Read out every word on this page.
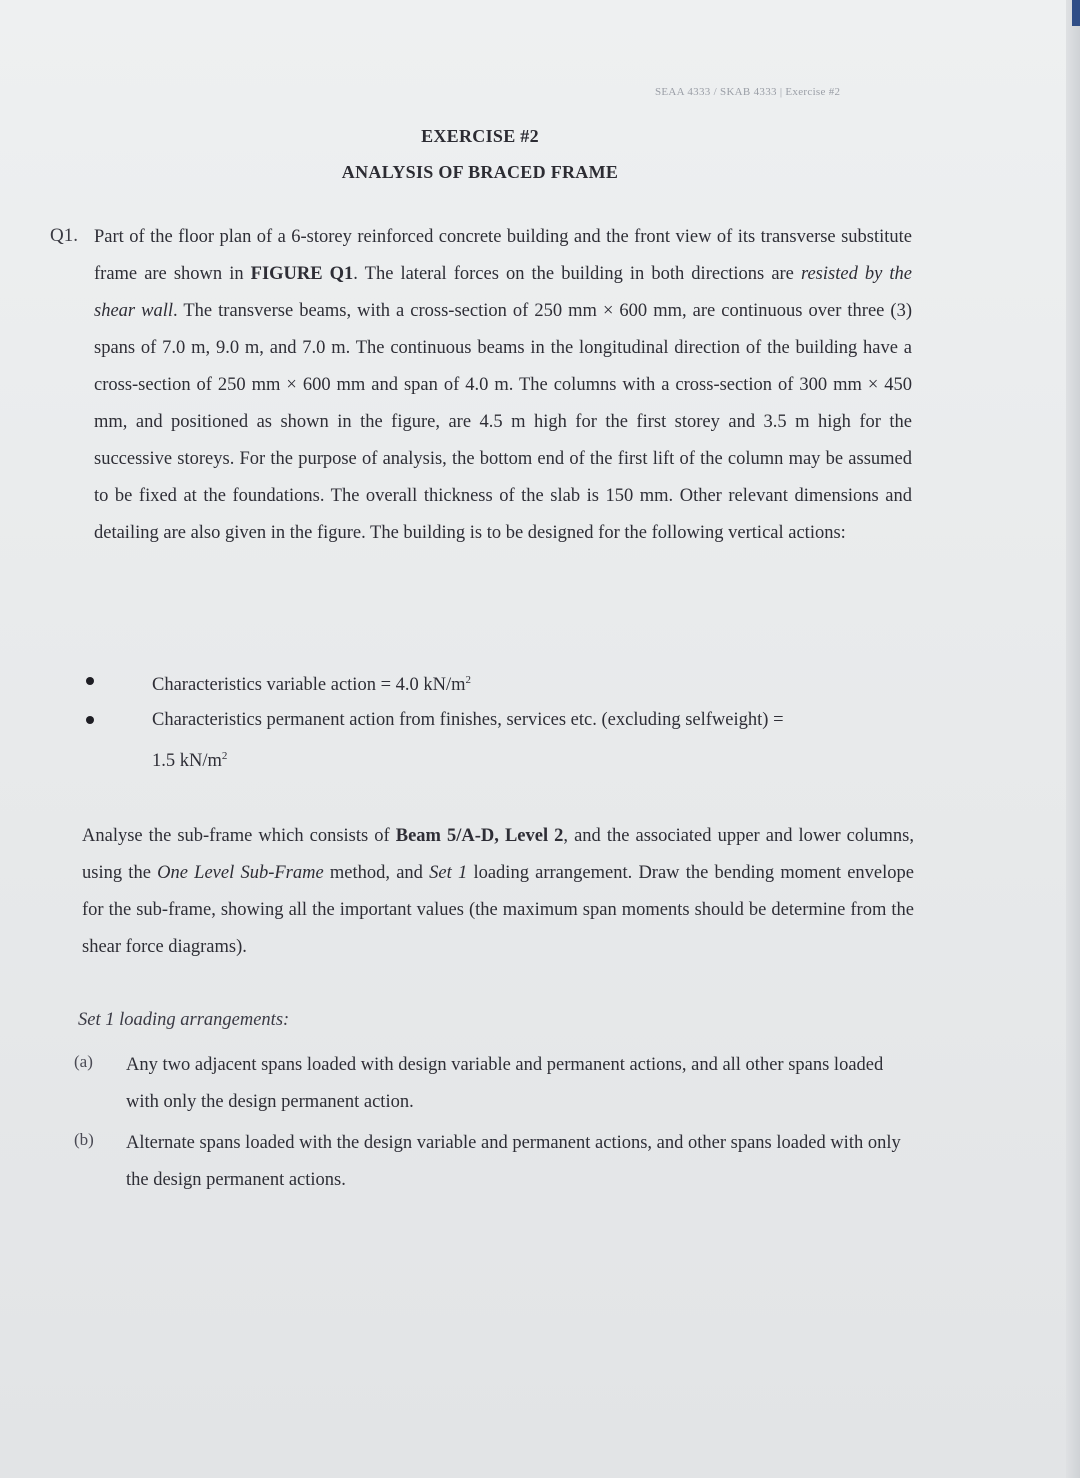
SEAA 4333 / SKAB 4333 | Exercise #2
EXERCISE #2
ANALYSIS OF BRACED FRAME
Q1. Part of the floor plan of a 6-storey reinforced concrete building and the front view of its transverse substitute frame are shown in FIGURE Q1. The lateral forces on the building in both directions are resisted by the shear wall. The transverse beams, with a cross-section of 250 mm × 600 mm, are continuous over three (3) spans of 7.0 m, 9.0 m, and 7.0 m. The continuous beams in the longitudinal direction of the building have a cross-section of 250 mm × 600 mm and span of 4.0 m. The columns with a cross-section of 300 mm × 450 mm, and positioned as shown in the figure, are 4.5 m high for the first storey and 3.5 m high for the successive storeys. For the purpose of analysis, the bottom end of the first lift of the column may be assumed to be fixed at the foundations. The overall thickness of the slab is 150 mm. Other relevant dimensions and detailing are also given in the figure. The building is to be designed for the following vertical actions:

Characteristics variable action = 4.0 $kN/m^2$
Characteristics permanent action from finishes, services etc. (excluding selfweight) =
1.5 $kN/m^2$

Analyse the sub-frame which consists of Beam 5/A-D, Level 2, and the associated upper and lower columns, using the One Level Sub-Frame method, and Set 1 loading arrangement. Draw the bending moment envelope for the sub-frame, showing all the important values (the maximum span moments should be determine from the shear force diagrams).

Set 1 loading arrangements:
(a) Any two adjacent spans loaded with design variable and permanent actions, and all other spans loaded with only the design permanent action.
(b) Alternate spans loaded with the design variable and permanent actions, and other spans loaded with only the design permanent actions.
